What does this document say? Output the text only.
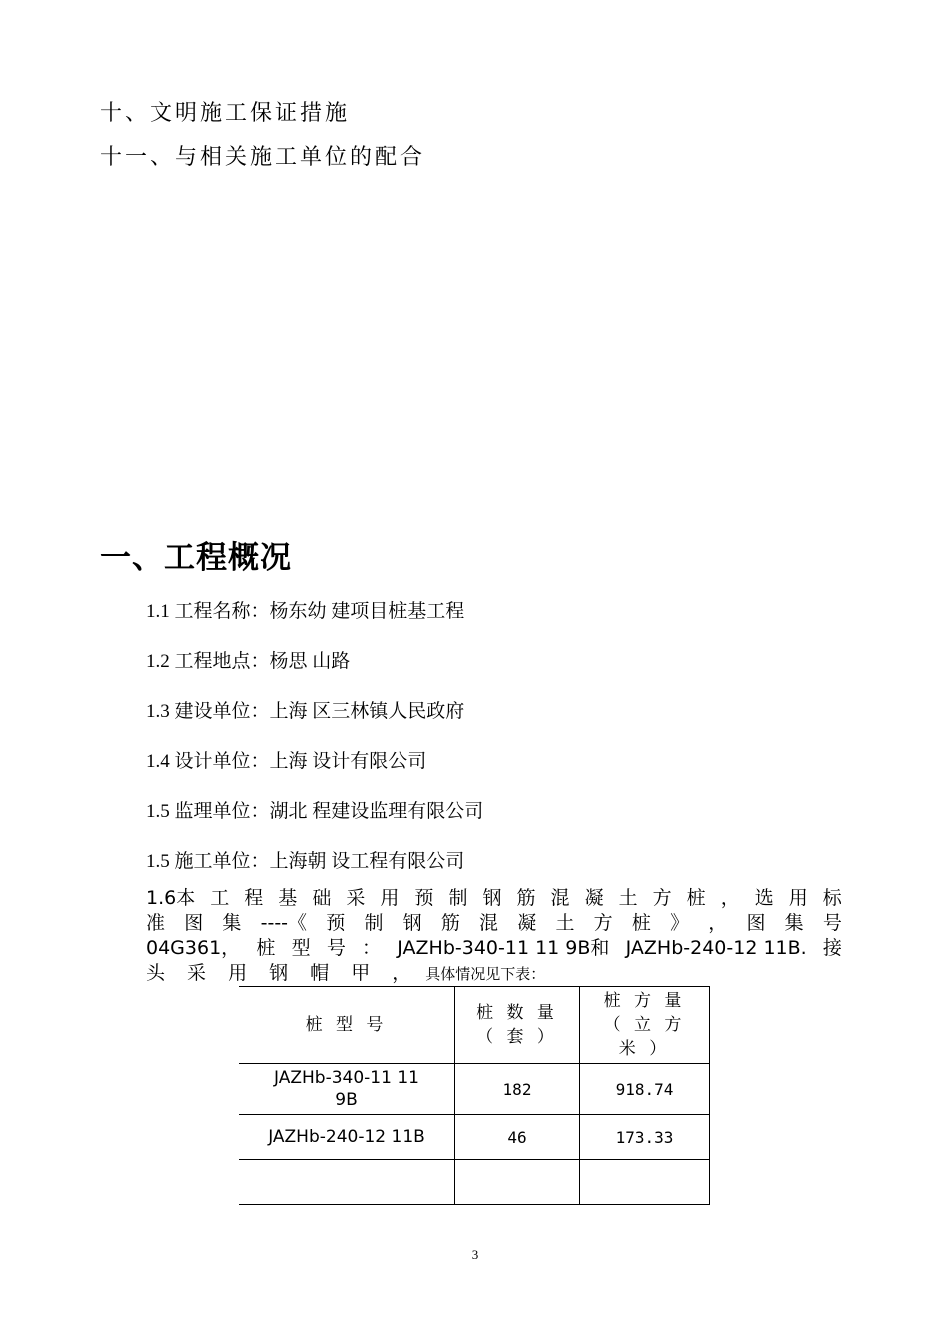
十、文明施工保证措施
十一、与相关施工单位的配合
一、工程概况
1.1 工程名称：杨东幼 建项目桩基工程
1.2 工程地点：杨思 山路
1.3 建设单位：上海 区三林镇人民政府
1.4 设计单位：上海 设计有限公司
1.5 监理单位：湖北 程建设监理有限公司
1.5 施工单位：上海朝 设工程有限公司
1.6本 工 程 基 础 采 用 预 制 钢 筋 混 凝 土 方 桩 ， 选 用 标
准 图 集 ----《 预 制 钢 筋 混 凝 土 方 桩 》 ， 图 集 号
04G361， 桩 型 号 ： JAZHb-340-11 11 9B和 JAZHb-240-12 11B. 接
头 采 用 钢 帽 甲 ， 具体情况见下表：
桩 型 号	桩 数 量 （ 套 ）	桩 方 量 （ 立 方 米 ）
JAZHb-340-11 11 9B	182	918.74
JAZHb-240-12 11B	46	173.33

3
